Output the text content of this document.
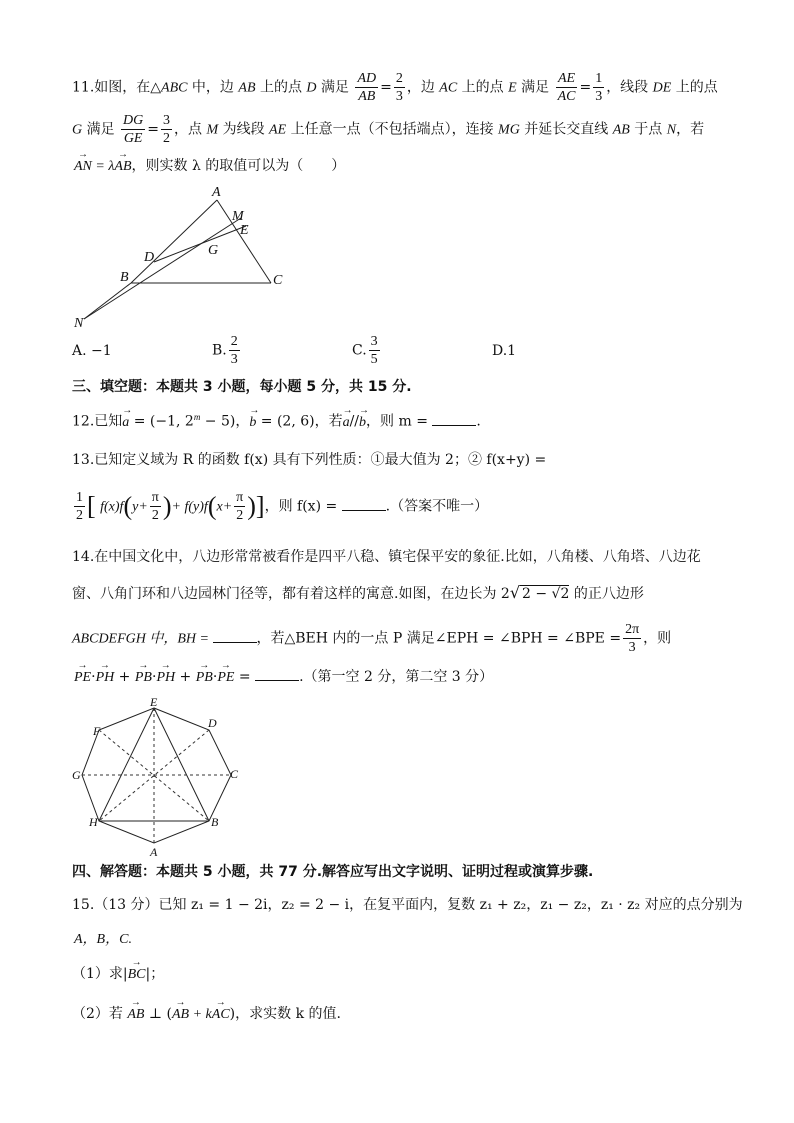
11.如图，在△ABC 中，边 AB 上的点 D 满足 $\frac{AD}{AB} = \frac{2}{3}$ ，边 AC 上的点 E 满足 $\frac{AE}{AC} = \frac{1}{3}$ ，线段 DE 上的点
G 满足 $\frac{DG}{GE} = \frac{3}{2}$ ，点 M 为线段 AE 上任意一点（不包括端点），连接 MG 并延长交直线 AB 于点 N，若
→ AN = λ→ AB，则实数 λ 的取值可以为（　　）
A
M
E
D	G
B	C
N
A. −1	B. $\frac{2}{3}$	C. $\frac{3}{5}$	D.1
三、填空题：本题共 3 小题，每小题 5 分，共 15 分.
12.已知→ a = (−1, $2^m - 5$)，→ b = (2, 6)，若→ a//→ b，则 m =	.
13.已知定义域为 R 的函数 f(x) 具有下列性质：①最大值为 2；② f(x+y) =
$\frac{1}{2}$ [ $f(x)f(y+ \frac{\pi}{2}$ )+ $f(y)f(x+ \frac{\pi}{2}$ )]，则 f(x) =	.（答案不唯一）
14.在中国文化中，八边形常常被看作是四平八稳、镇宅保平安的象征.比如，八角楼、八角塔、八边花
窗、八角门环和八边园林门径等，都有着这样的寓意.如图，在边长为 2√ 2 − √2 的正八边形
ABCDEFGH 中，BH =	，若△BEH 内的一点 P 满足∠EPH = ∠BPH = ∠BPE = $\frac{2\pi}{3}$ ，则
→ PE·→ PH + → PB·→ PH + → PB·→ PE =	.（第一空 2 分，第二空 3 分）
E
D
F
G	C
H	B
A
四、解答题：本题共 5 小题，共 77 分.解答应写出文字说明、证明过程或演算步骤.
15.（13 分）已知 z₁ = 1 − 2i，z₂ = 2 − i，在复平面内，复数 z₁ + z₂，z₁ − z₂，z₁ · z₂ 对应的点分别为
A，B，C.
（1）求|→ BC|；
（2）若 → AB ⊥ (→ AB + k→ AC)，求实数 k 的值.
